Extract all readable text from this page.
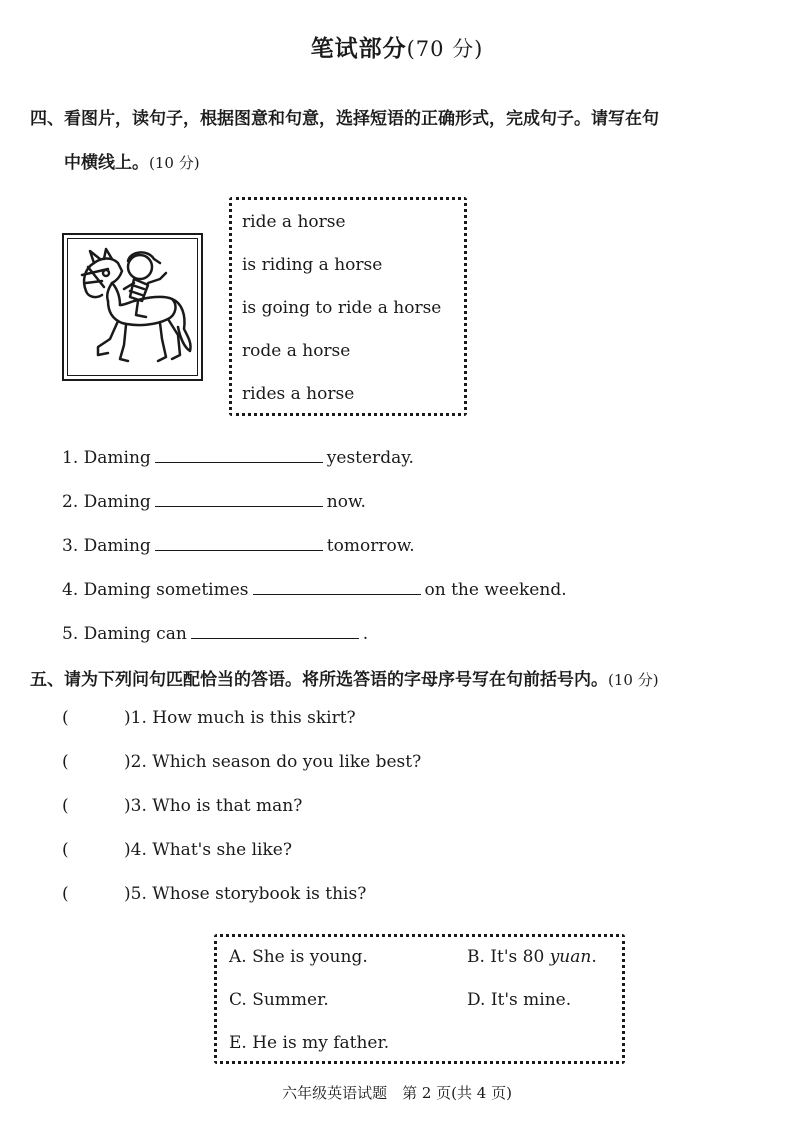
笔试部分(70 分)
四、看图片，读句子，根据图意和句意，选择短语的正确形式，完成句子。请写在句
中横线上。(10 分)
ride a horse
is riding a horse
is going to ride a horse
rode a horse
rides a horse
1. Daming	yesterday.
2. Daming	now.
3. Daming	tomorrow.
4. Daming sometimes	on the weekend.
5. Daming can	.
五、请为下列问句匹配恰当的答语。将所选答语的字母序号写在句前括号内。(10 分)
(	)1. How much is this skirt?
(	)2. Which season do you like best?
(	)3. Who is that man?
(	)4. What's she like?
(	)5. Whose storybook is this?
A. She is young.	B. It's 80 yuan.
C. Summer.	D. It's mine.
E. He is my father.
六年级英语试题　第 2 页(共 4 页)
